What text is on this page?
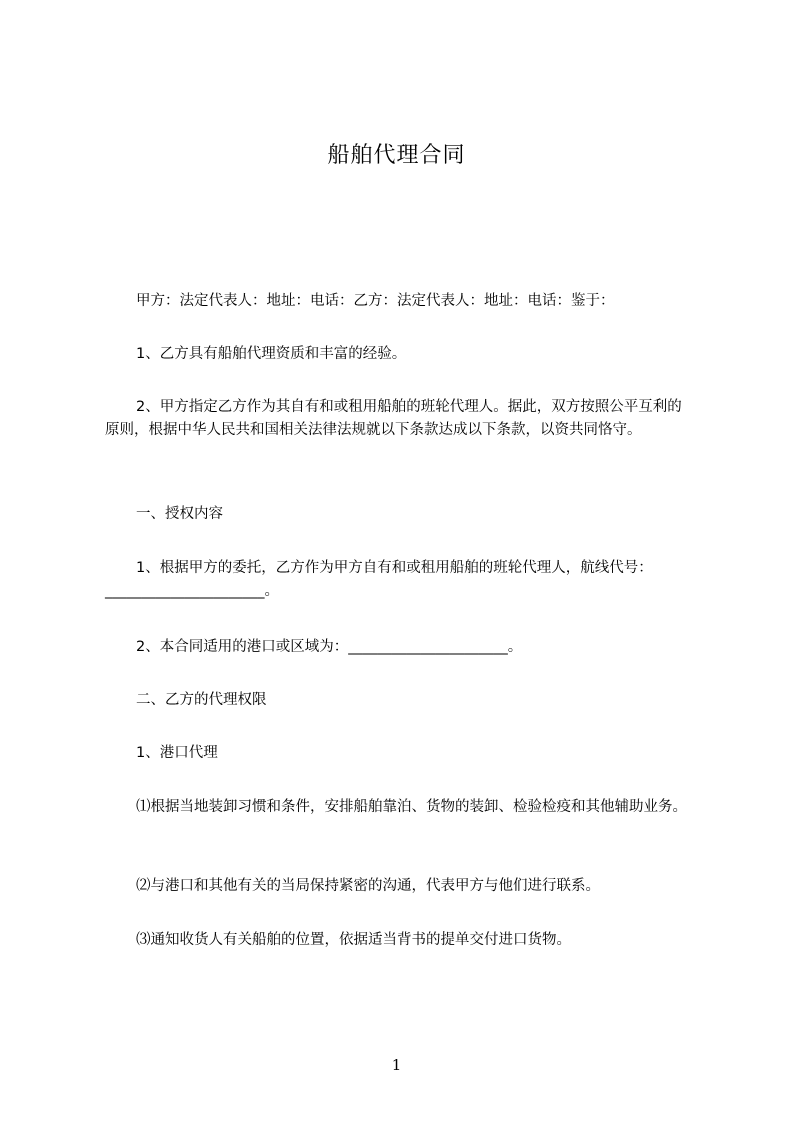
船舶代理合同
甲方：法定代表人：地址：电话：乙方：法定代表人：地址：电话：鉴于：
1、乙方具有船舶代理资质和丰富的经验。
2、甲方指定乙方作为其自有和或租用船舶的班轮代理人。据此，双方按照公平互利的原则，根据中华人民共和国相关法律法规就以下条款达成以下条款，以资共同恪守。
一、授权内容
1、根据甲方的委托，乙方作为甲方自有和或租用船舶的班轮代理人，航线代号：______________________。
2、本合同适用的港口或区域为：______________________。
二、乙方的代理权限
1、港口代理
⑴根据当地装卸习惯和条件，安排船舶靠泊、货物的装卸、检验检疫和其他辅助业务。
⑵与港口和其他有关的当局保持紧密的沟通，代表甲方与他们进行联系。
⑶通知收货人有关船舶的位置，依据适当背书的提单交付进口货物。
1
